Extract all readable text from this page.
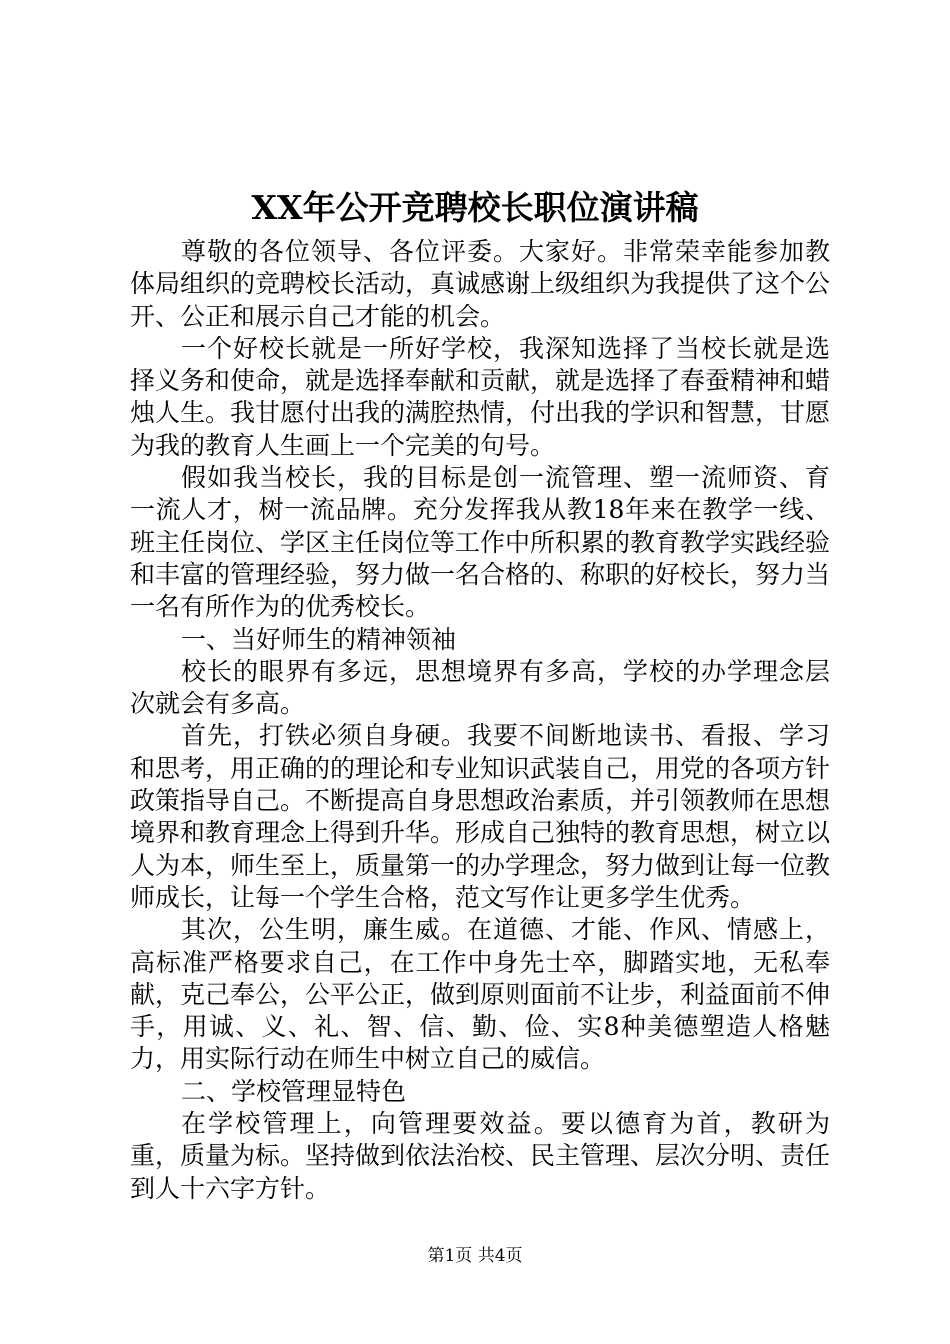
XX年公开竞聘校长职位演讲稿

尊敬的各位领导、各位评委。大家好。非常荣幸能参加教体局组织的竞聘校长活动，真诚感谢上级组织为我提供了这个公开、公正和展示自己才能的机会。

一个好校长就是一所好学校，我深知选择了当校长就是选择义务和使命，就是选择奉献和贡献，就是选择了春蚕精神和蜡烛人生。我甘愿付出我的满腔热情，付出我的学识和智慧，甘愿为我的教育人生画上一个完美的句号。

假如我当校长，我的目标是创一流管理、塑一流师资、育一流人才，树一流品牌。充分发挥我从教18年来在教学一线、班主任岗位、学区主任岗位等工作中所积累的教育教学实践经验和丰富的管理经验，努力做一名合格的、称职的好校长，努力当一名有所作为的优秀校长。

一、当好师生的精神领袖

校长的眼界有多远，思想境界有多高，学校的办学理念层次就会有多高。

首先，打铁必须自身硬。我要不间断地读书、看报、学习和思考，用正确的的理论和专业知识武装自己，用党的各项方针政策指导自己。不断提高自身思想政治素质，并引领教师在思想境界和教育理念上得到升华。形成自己独特的教育思想，树立以人为本，师生至上，质量第一的办学理念，努力做到让每一位教师成长，让每一个学生合格，范文写作让更多学生优秀。

其次，公生明，廉生威。在道德、才能、作风、情感上，高标准严格要求自己，在工作中身先士卒，脚踏实地，无私奉献，克己奉公，公平公正，做到原则面前不让步，利益面前不伸手，用诚、义、礼、智、信、勤、俭、实8种美德塑造人格魅力，用实际行动在师生中树立自己的威信。

二、学校管理显特色

在学校管理上，向管理要效益。要以德育为首，教研为重，质量为标。坚持做到依法治校、民主管理、层次分明、责任到人十六字方针。

第1页 共4页
